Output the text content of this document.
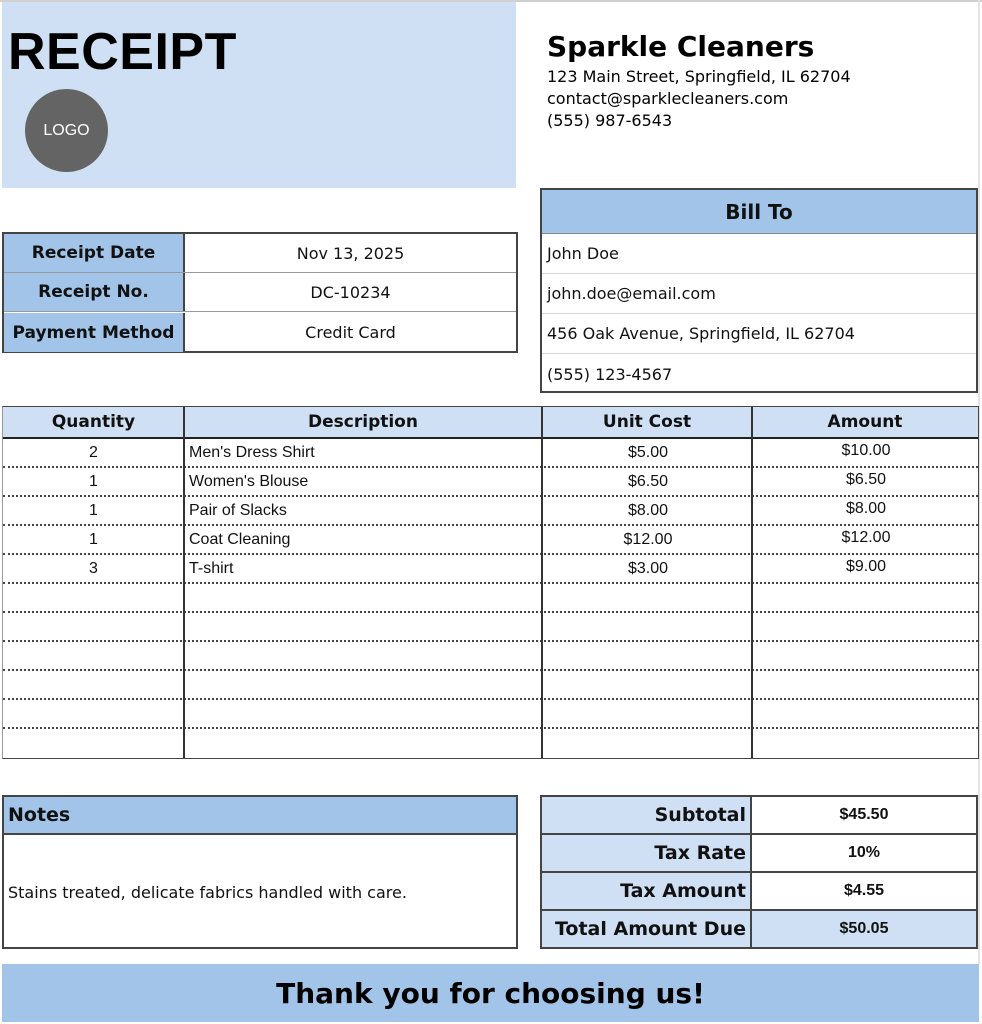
RECEIPT
LOGO
Sparkle Cleaners
123 Main Street, Springfield, IL 62704
contact@sparklecleaners.com
(555) 987-6543
Receipt Date	Nov 13, 2025
Receipt No.	DC-10234
Payment Method	Credit Card
Bill To
John Doe
john.doe@email.com
456 Oak Avenue, Springfield, IL 62704
(555) 123-4567
Quantity	Description	Unit Cost	Amount
2	Men's Dress Shirt	$5.00	$10.00
1	Women's Blouse	$6.50	$6.50
1	Pair of Slacks	$8.00	$8.00
1	Coat Cleaning	$12.00	$12.00
3	T-shirt	$3.00	$9.00
Notes
Stains treated, delicate fabrics handled with care.
Subtotal	$45.50
Tax Rate	10%
Tax Amount	$4.55
Total Amount Due	$50.05
Thank you for choosing us!
